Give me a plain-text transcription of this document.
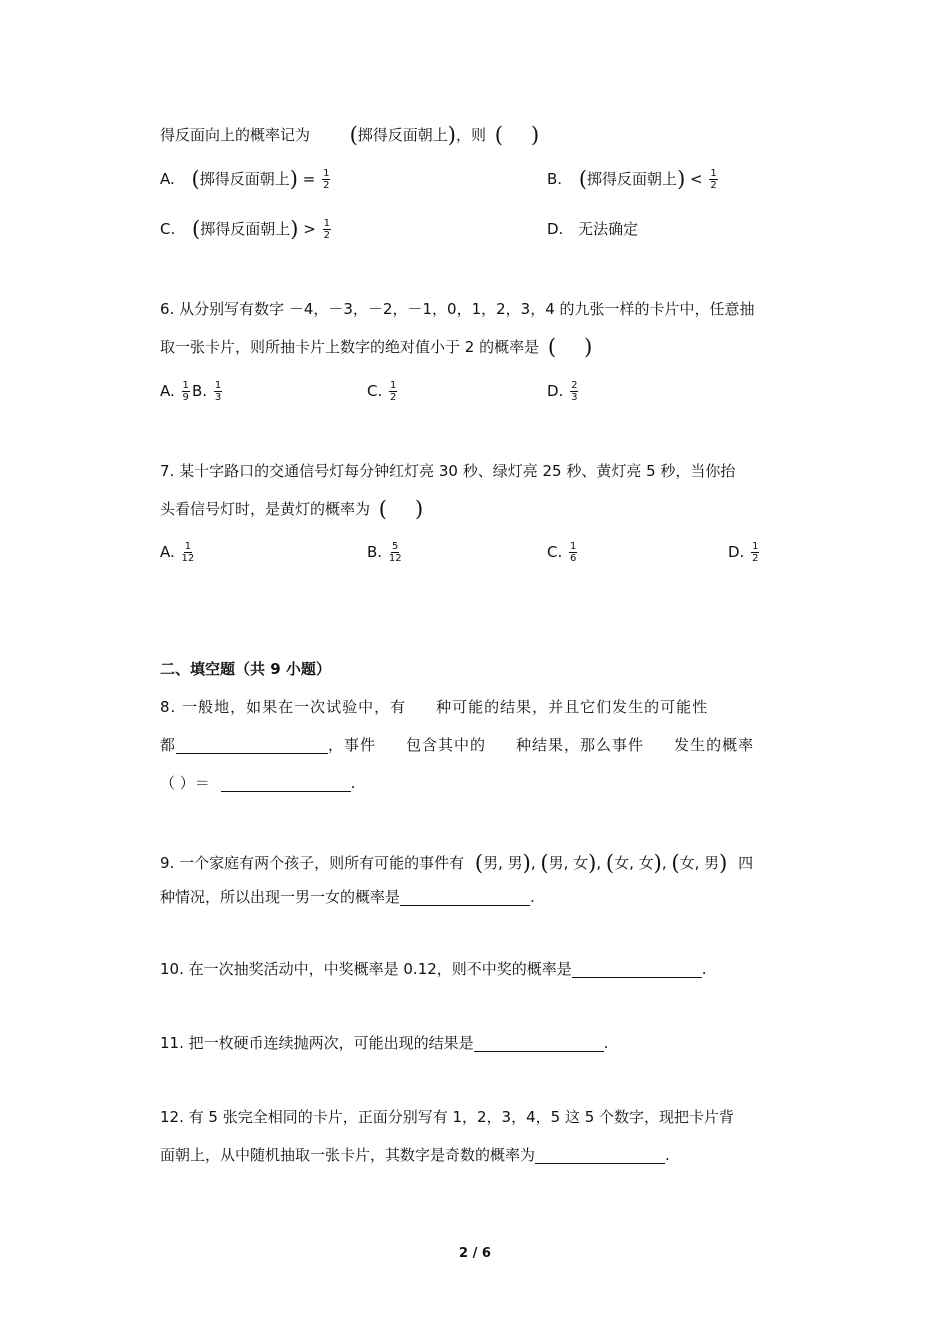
得反面向上的概率记为 (掷得反面朝上)，则 ( )
A. (掷得反面朝上) = $\frac{1}{2}$	B. (掷得反面朝上) < $\frac{1}{2}$
C. (掷得反面朝上) > $\frac{1}{2}$	D. 无法确定
6. 从分别写有数字 －4，－3，－2，－1，0，1，2，3，4 的九张一样的卡片中，任意抽
取一张卡片，则所抽卡片上数字的绝对值小于 2 的概率是 ( )
A. $\frac{1}{9} B$. $\frac{1}{3}$	C. $\frac{1}{2}$	D. $\frac{2}{3}$
7. 某十字路口的交通信号灯每分钟红灯亮 30 秒、绿灯亮 25 秒、黄灯亮 5 秒，当你抬
头看信号灯时，是黄灯的概率为 ( )
A. $\frac{1}{12}$	B. $\frac{5}{12}$	C. $\frac{1}{6}$	D. $\frac{1}{2}$
二、填空题（共 9 小题）
8. 一般地，如果在一次试验中，有 种可能的结果，并且它们发生的可能性
都	，事件 包含其中的 种结果，那么事件 发生的概率
（ ）＝	.
9. 一个家庭有两个孩子，则所有可能的事件有 (男, 男), (男, 女), (女, 女), (女, 男) 四
种情况，所以出现一男一女的概率是	.
10. 在一次抽奖活动中，中奖概率是 0.12，则不中奖的概率是	.
11. 把一枚硬币连续抛两次，可能出现的结果是	.
12. 有 5 张完全相同的卡片，正面分别写有 1，2，3，4，5 这 5 个数字，现把卡片背
面朝上，从中随机抽取一张卡片，其数字是奇数的概率为	.
2 / 6
